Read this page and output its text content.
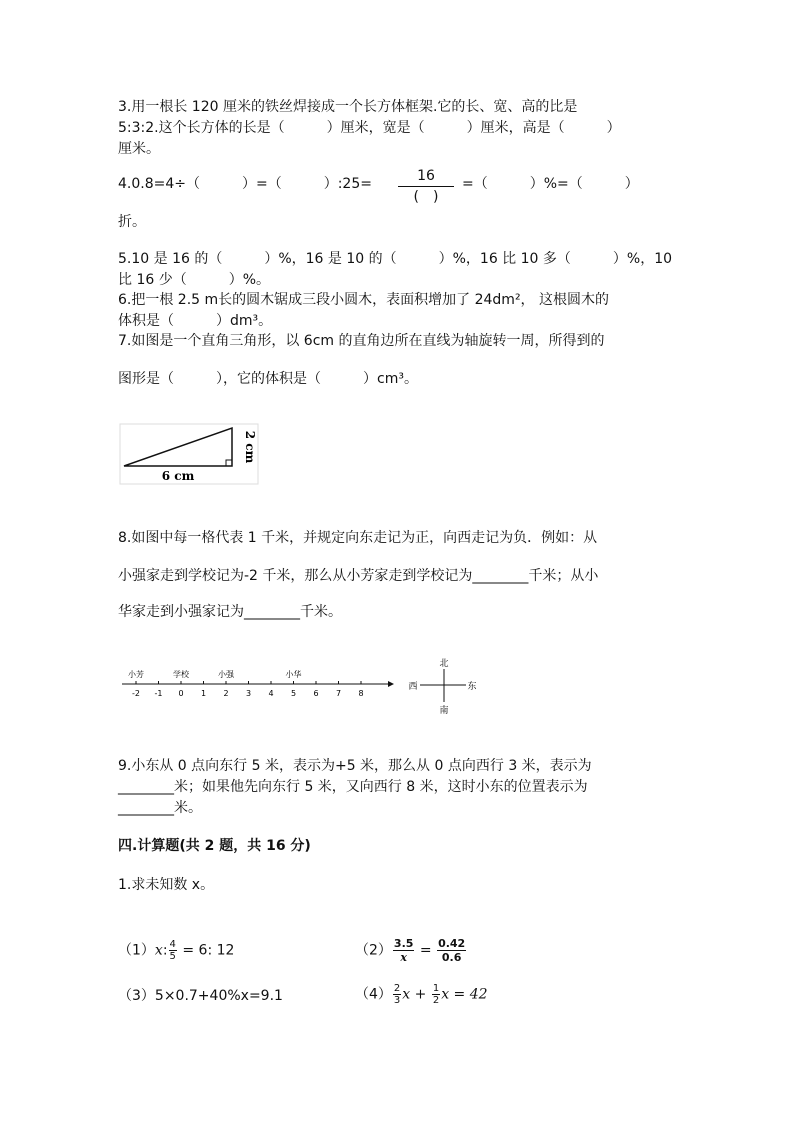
3.用一根长 120 厘米的铁丝焊接成一个长方体框架.它的长、宽、高的比是
5:3:2.这个长方体的长是（　　　）厘米，宽是（　　　）厘米，高是（　　　）
厘米。
4.0.8=4÷（　　　）=（　　　）:25=	16
(　)
=（　　　）%=（　　　）
折。
5.10 是 16 的（　　　）%，16 是 10 的（　　　）%，16 比 10 多（　　　）%，10
比 16 少（　　　）%。
6.把一根 2.5 m长的圆木锯成三段小圆木，表面积增加了 24dm²， 这根圆木的
体积是（　　　）dm³。
7.如图是一个直角三角形，以 6cm 的直角边所在直线为轴旋转一周，所得到的
图形是（　　　），它的体积是（　　　）cm³。
6 cm
2 cm
8.如图中每一格代表 1 千米，并规定向东走记为正，向西走记为负．例如：从
小强家走到学校记为-2 千米，那么从小芳家走到学校记为________千米；从小
华家走到小强家记为________千米。
-2 -1 0 1 2 3 4 5 6 7 8
小芳	学校	小强	小华
北
南
西	东
9.小东从 0 点向东行 5 米，表示为+5 米，那么从 0 点向西行 3 米，表示为
________米；如果他先向东行 5 米，又向西行 8 米，这时小东的位置表示为
________米。
四.计算题(共 2 题，共 16 分)
1.求未知数 x。
（1）x: $\frac{4}{5} = 6$: 12	$(2) \frac{3.5}{x} = \frac{0.42}{0.6}$
（3）5×0.7+40%x=9.1	$(4) \frac{2}{3}$ $x + \frac{1}{2}$ x = 42
